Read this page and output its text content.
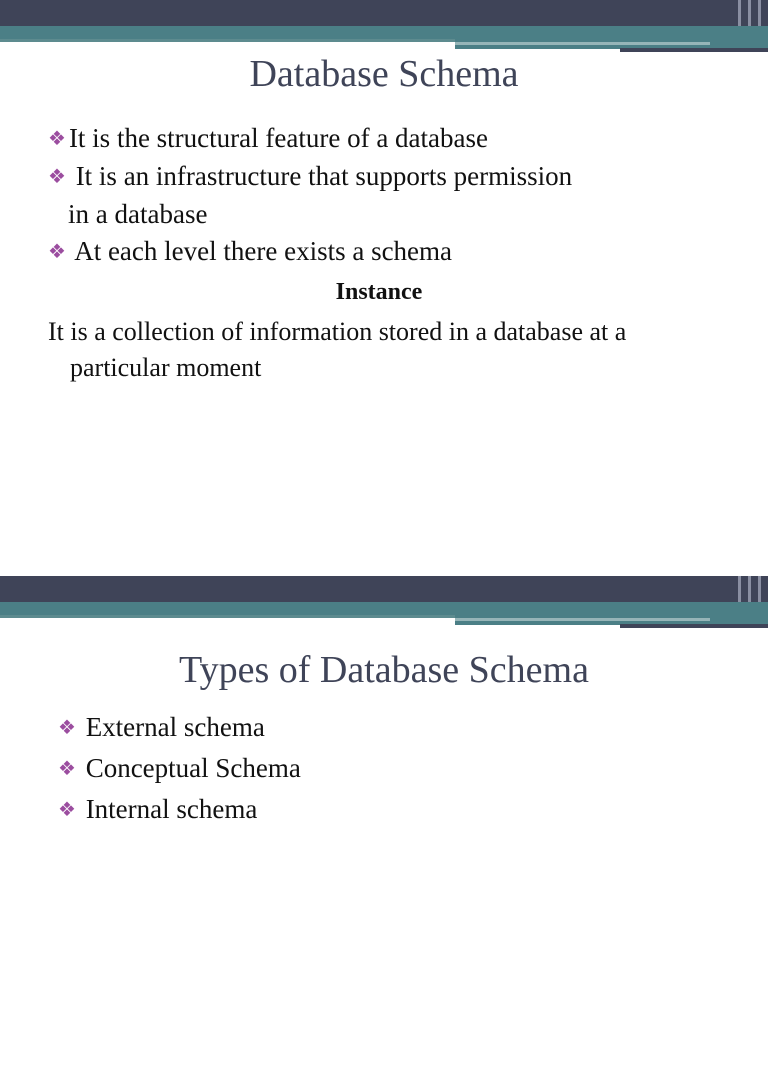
Database Schema
❖ It is the structural feature of a database
❖ It is an infrastructure that supports permission
in a database
❖ At each level there exists a schema
Instance

It is a collection of information stored in a database at a
particular moment

Types of Database Schema
❖ External schema
❖ Conceptual Schema
❖ Internal schema
